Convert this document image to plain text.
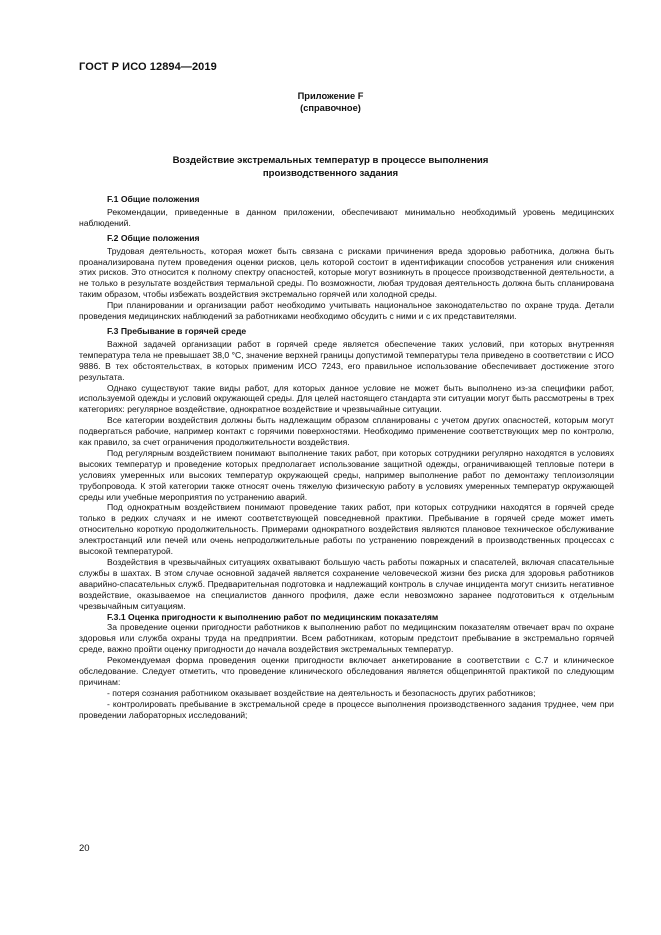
ГОСТ Р ИСО 12894—2019
Приложение F
(справочное)
Воздействие экстремальных температур в процессе выполнения
производственного задания

F.1 Общие положения

Рекомендации, приведенные в данном приложении, обеспечивают минимально необходимый уровень медицинских наблюдений.

F.2 Общие положения

Трудовая деятельность, которая может быть связана с рисками причинения вреда здоровью работника, должна быть проанализирована путем проведения оценки рисков, цель которой состоит в идентификации способов устранения или снижения этих рисков. Это относится к полному спектру опасностей, которые могут возникнуть в процессе производственной деятельности, а не только в результате воздействия термальной среды. По возможности, любая трудовая деятельность должна быть спланирована таким образом, чтобы избежать воздействия экстремально горячей или холодной среды.

При планировании и организации работ необходимо учитывать национальное законодательство по охране труда. Детали проведения медицинских наблюдений за работниками необходимо обсудить с ними и с их представителями.

F.3 Пребывание в горячей среде

Важной задачей организации работ в горячей среде является обеспечение таких условий, при которых внутренняя температура тела не превышает 38,0 °С, значение верхней границы допустимой температуры тела приведено в соответствии с ИСО 9886. В тех обстоятельствах, в которых применим ИСО 7243, его правильное использование обеспечивает достижение этого результата.

Однако существуют такие виды работ, для которых данное условие не может быть выполнено из-за специфики работ, используемой одежды и условий окружающей среды. Для целей настоящего стандарта эти ситуации могут быть рассмотрены в трех категориях: регулярное воздействие, однократное воздействие и чрезвычайные ситуации.

Все категории воздействия должны быть надлежащим образом спланированы с учетом других опасностей, которым могут подвергаться рабочие, например контакт с горячими поверхностями. Необходимо применение соответствующих мер по контролю, как правило, за счет ограничения продолжительности воздействия.

Под регулярным воздействием понимают выполнение таких работ, при которых сотрудники регулярно находятся в условиях высоких температур и проведение которых предполагает использование защитной одежды, ограничивающей тепловые потери в условиях умеренных или высоких температур окружающей среды, например выполнение работ по демонтажу теплоизоляции трубопровода. К этой категории также относят очень тяжелую физическую работу в условиях умеренных температур окружающей среды или учебные мероприятия по устранению аварий.

Под однократным воздействием понимают проведение таких работ, при которых сотрудники находятся в горячей среде только в редких случаях и не имеют соответствующей повседневной практики. Пребывание в горячей среде может иметь относительно короткую продолжительность. Примерами однократного воздействия являются плановое техническое обслуживание электростанций или печей или очень непродолжительные работы по устранению повреждений в производственных процессах с высокой температурой.

Воздействия в чрезвычайных ситуациях охватывают большую часть работы пожарных и спасателей, включая спасательные службы в шахтах. В этом случае основной задачей является сохранение человеческой жизни без риска для здоровья работников аварийно-спасательных служб. Предварительная подготовка и надлежащий контроль в случае инцидента могут снизить негативное воздействие, оказываемое на специалистов данного профиля, даже если невозможно заранее подготовиться к отдельным чрезвычайным ситуациям.

F.3.1 Оценка пригодности к выполнению работ по медицинским показателям

За проведение оценки пригодности работников к выполнению работ по медицинским показателям отвечает врач по охране здоровья или служба охраны труда на предприятии. Всем работникам, которым предстоит пребывание в экстремально горячей среде, важно пройти оценку пригодности до начала воздействия экстремальных температур.

Рекомендуемая форма проведения оценки пригодности включает анкетирование в соответствии с С.7 и клиническое обследование. Следует отметить, что проведение клинического обследования является общепринятой практикой по следующим причинам:

- потеря сознания работником оказывает воздействие на деятельность и безопасность других работников;

- контролировать пребывание в экстремальной среде в процессе выполнения производственного задания труднее, чем при проведении лабораторных исследований;

20
